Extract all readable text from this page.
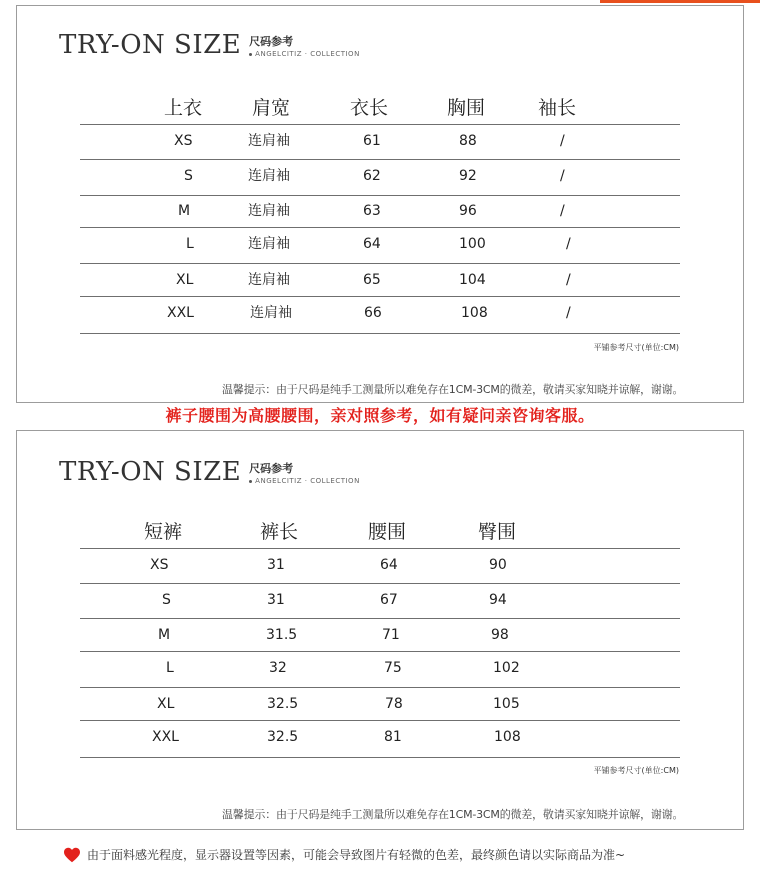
TRY-ON SIZE 尺码参考
ANGELCITIZ · COLLECTION
上衣	肩宽	衣长	胸围	袖长
XS	连肩袖	61	88	/
S	连肩袖	62	92	/
M	连肩袖	63	96	/
L	连肩袖	64	100	/
XL	连肩袖	65	104	/
XXL	连肩袖	66	108	/
平铺参考尺寸(单位:CM)
温馨提示：由于尺码是纯手工测量所以难免存在1CM-3CM的微差，敬请买家知晓并谅解，谢谢。
裤子腰围为高腰腰围，亲对照参考，如有疑问亲咨询客服。
TRY-ON SIZE 尺码参考
ANGELCITIZ · COLLECTION
短裤	裤长	腰围	臀围
XS	31	64	90
S	31	67	94
M	31.5	71	98
L	32	75	102
XL	32.5	78	105
XXL	32.5	81	108
平铺参考尺寸(单位:CM)
温馨提示：由于尺码是纯手工测量所以难免存在1CM-3CM的微差，敬请买家知晓并谅解，谢谢。
由于面料感光程度，显示器设置等因素，可能会导致图片有轻微的色差，最终颜色请以实际商品为准~
